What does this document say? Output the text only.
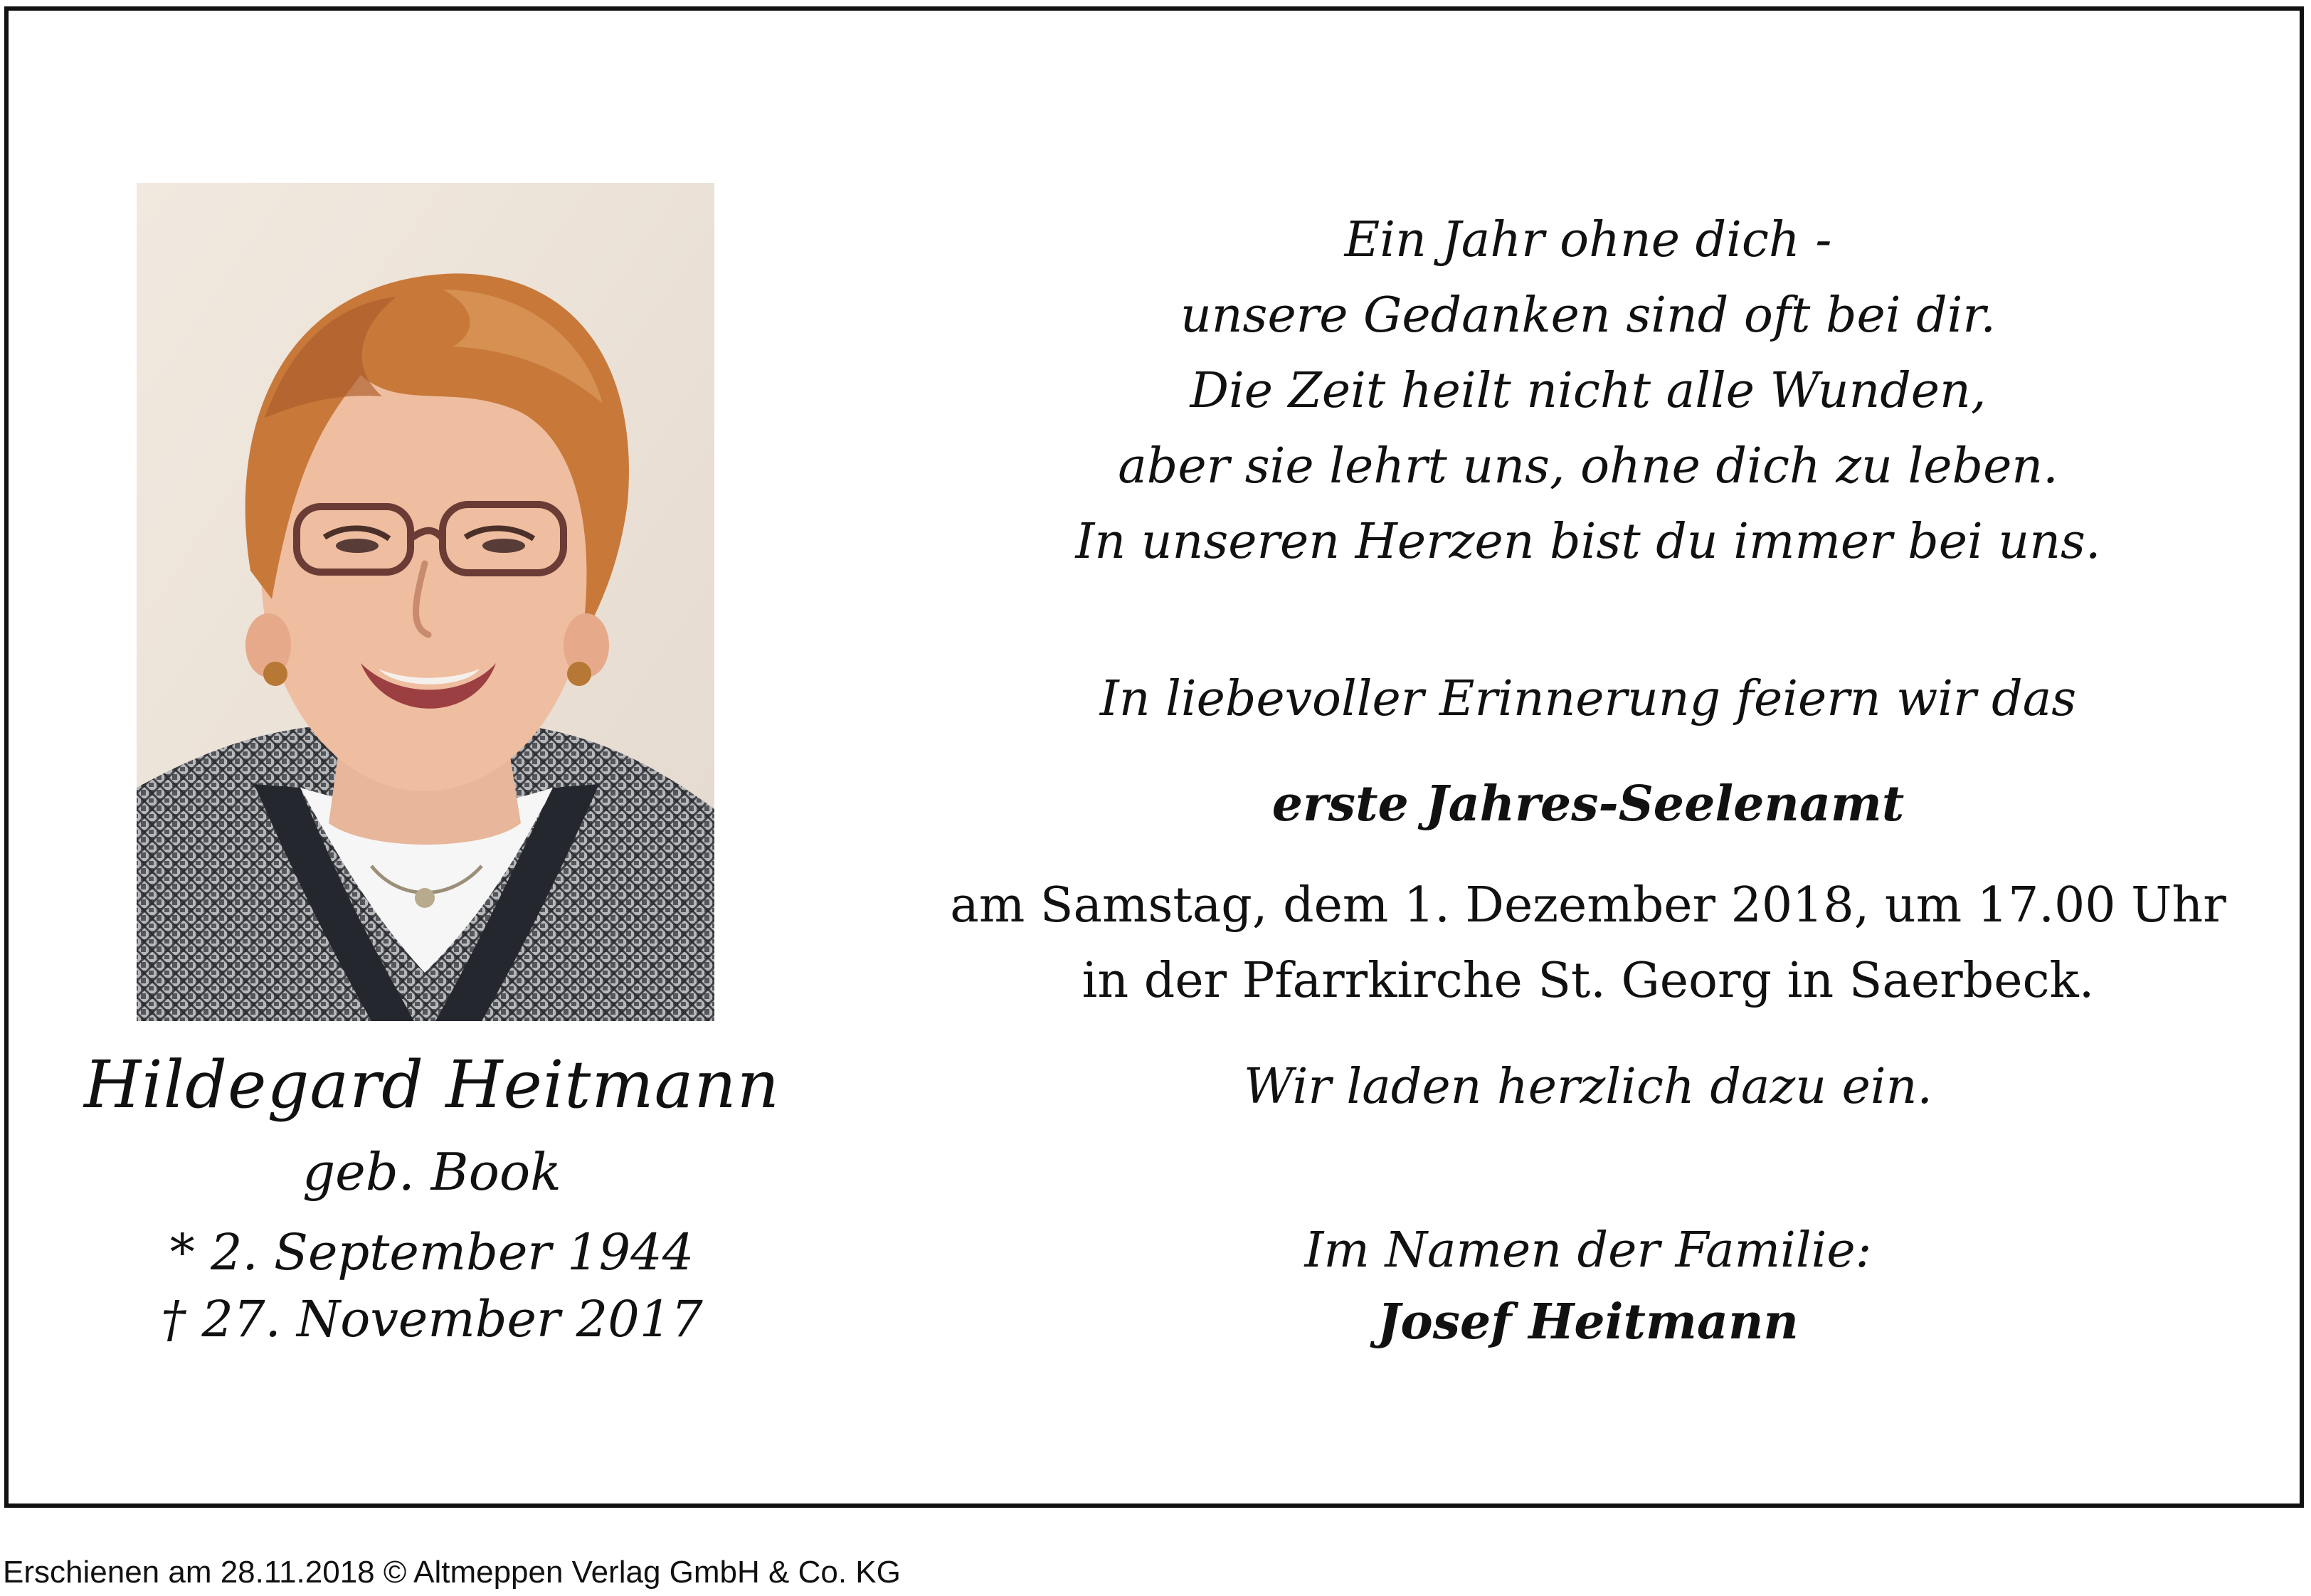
Hildegard Heitmann
geb. Book
* 2. September 1944
† 27. November 2017
Ein Jahr ohne dich -
unsere Gedanken sind oft bei dir.
Die Zeit heilt nicht alle Wunden,
aber sie lehrt uns, ohne dich zu leben.
In unseren Herzen bist du immer bei uns.
In liebevoller Erinnerung feiern wir das
erste Jahres-Seelenamt
am Samstag, dem 1. Dezember 2018, um 17.00 Uhr
in der Pfarrkirche St. Georg in Saerbeck.
Wir laden herzlich dazu ein.
Im Namen der Familie:
Josef Heitmann
Erschienen am 28.11.2018 © Altmeppen Verlag GmbH & Co. KG
